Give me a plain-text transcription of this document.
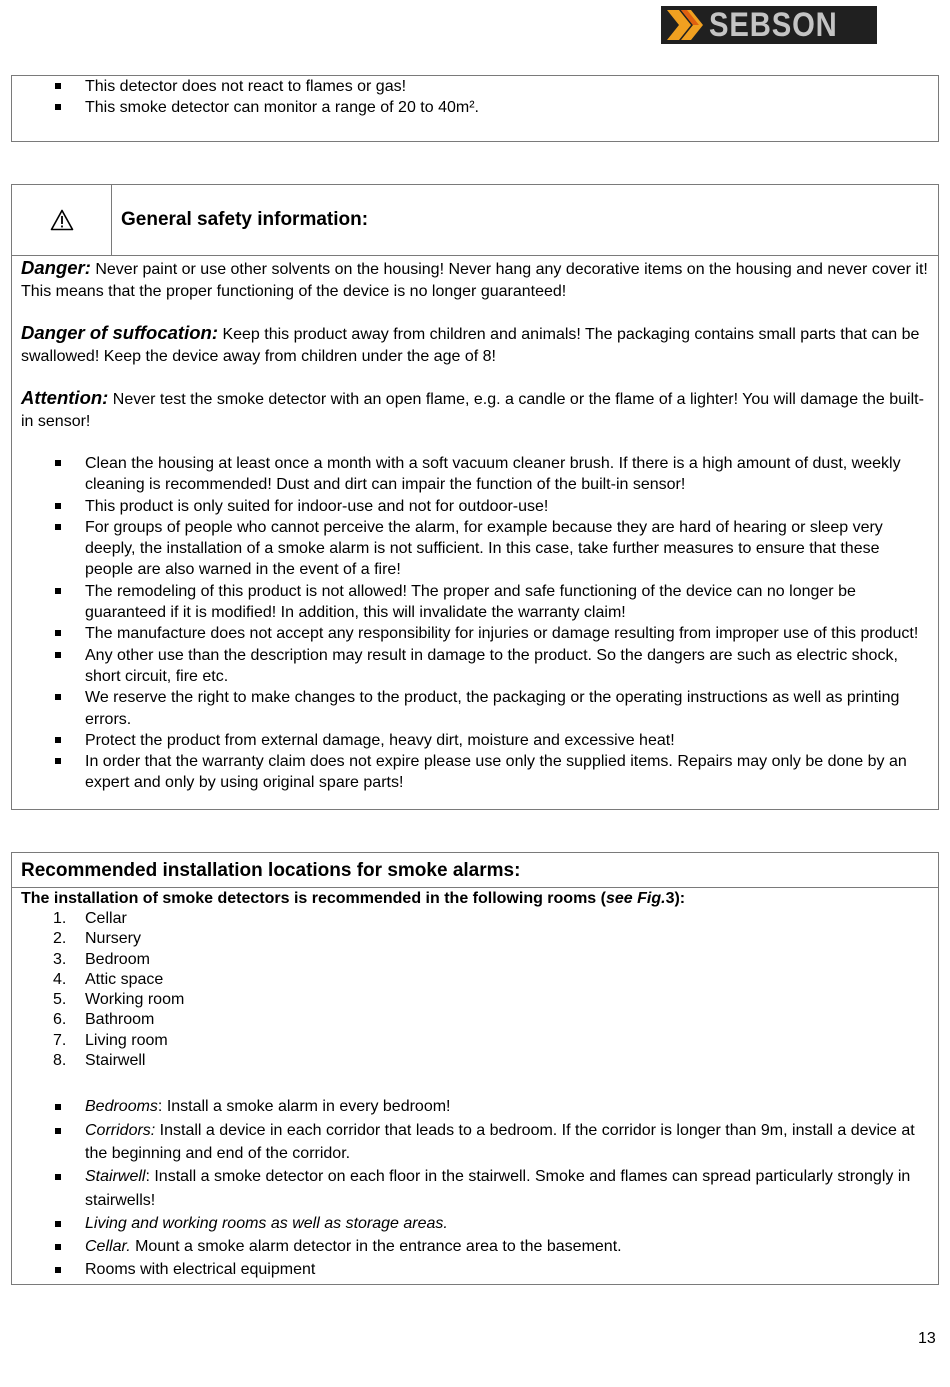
SEBSON
This detector does not react to flames or gas!
This smoke detector can monitor a range of 20 to 40m².
General safety information:
Danger: Never paint or use other solvents on the housing! Never hang any decorative items on the housing and never cover it! This means that the proper functioning of the device is no longer guaranteed!
Danger of suffocation: Keep this product away from children and animals! The packaging contains small parts that can be swallowed! Keep the device away from children under the age of 8!
Attention: Never test the smoke detector with an open flame, e.g. a candle or the flame of a lighter! You will damage the built-in sensor!
Clean the housing at least once a month with a soft vacuum cleaner brush. If there is a high amount of dust, weekly cleaning is recommended! Dust and dirt can impair the function of the built-in sensor!
This product is only suited for indoor-use and not for outdoor-use!
For groups of people who cannot perceive the alarm, for example because they are hard of hearing or sleep very deeply, the installation of a smoke alarm is not sufficient. In this case, take further measures to ensure that these people are also warned in the event of a fire!
The remodeling of this product is not allowed! The proper and safe functioning of the device can no longer be guaranteed if it is modified! In addition, this will invalidate the warranty claim!
The manufacture does not accept any responsibility for injuries or damage resulting from improper use of this product!
Any other use than the description may result in damage to the product. So the dangers are such as electric shock, short circuit, fire etc.
We reserve the right to make changes to the product, the packaging or the operating instructions as well as printing errors.
Protect the product from external damage, heavy dirt, moisture and excessive heat!
In order that the warranty claim does not expire please use only the supplied items. Repairs may only be done by an expert and only by using original spare parts!
Recommended installation locations for smoke alarms:
The installation of smoke detectors is recommended in the following rooms (see Fig.3):
1. Cellar
2. Nursery
3. Bedroom
4. Attic space
5. Working room
6. Bathroom
7. Living room
8. Stairwell
Bedrooms: Install a smoke alarm in every bedroom!
Corridors: Install a device in each corridor that leads to a bedroom. If the corridor is longer than 9m, install a device at the beginning and end of the corridor.
Stairwell: Install a smoke detector on each floor in the stairwell. Smoke and flames can spread particularly strongly in stairwells!
Living and working rooms as well as storage areas.
Cellar. Mount a smoke alarm detector in the entrance area to the basement.
Rooms with electrical equipment
13
